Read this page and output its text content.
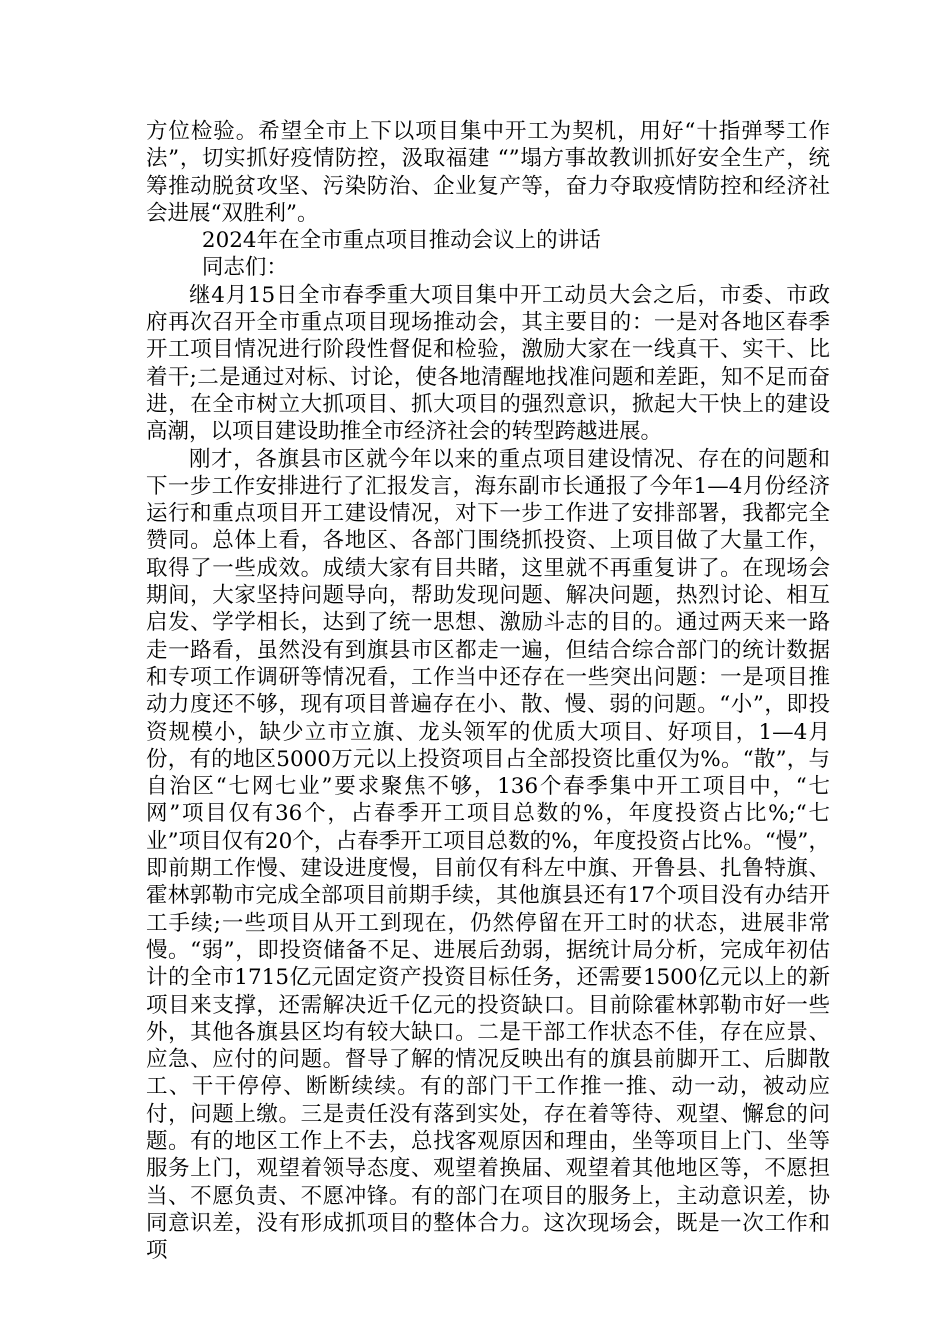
方位检验。希望全市上下以项目集中开工为契机，用好“十指弹琴工作法”，切实抓好疫情防控，汲取福建 “”塌方事故教训抓好安全生产，统筹推动脱贫攻坚、污染防治、企业复产等，奋力夺取疫情防控和经济社会进展“双胜利”。

2024年在全市重点项目推动会议上的讲话

同志们：

继4月15日全市春季重大项目集中开工动员大会之后，市委、市政府再次召开全市重点项目现场推动会，其主要目的：一是对各地区春季开工项目情况进行阶段性督促和检验，激励大家在一线真干、实干、比着干;二是通过对标、讨论，使各地清醒地找准问题和差距，知不足而奋进，在全市树立大抓项目、抓大项目的强烈意识，掀起大干快上的建设高潮，以项目建设助推全市经济社会的转型跨越进展。

刚才，各旗县市区就今年以来的重点项目建设情况、存在的问题和下一步工作安排进行了汇报发言，海东副市长通报了今年1—4月份经济运行和重点项目开工建设情况，对下一步工作进了安排部署，我都完全赞同。总体上看，各地区、各部门围绕抓投资、上项目做了大量工作，取得了一些成效。成绩大家有目共睹，这里就不再重复讲了。在现场会期间，大家坚持问题导向，帮助发现问题、解决问题，热烈讨论、相互启发、学学相长，达到了统一思想、激励斗志的目的。通过两天来一路走一路看，虽然没有到旗县市区都走一遍，但结合综合部门的统计数据和专项工作调研等情况看，工作当中还存在一些突出问题：一是项目推动力度还不够，现有项目普遍存在小、散、慢、弱的问题。“小”，即投资规模小，缺少立市立旗、龙头领军的优质大项目、好项目，1—4月份，有的地区5000万元以上投资项目占全部投资比重仅为%。“散”，与自治区“七网七业”要求聚焦不够，136个春季集中开工项目中，“七网”项目仅有36个，占春季开工项目总数的%，年度投资占比%;“七业”项目仅有20个，占春季开工项目总数的%，年度投资占比%。“慢”，即前期工作慢、建设进度慢，目前仅有科左中旗、开鲁县、扎鲁特旗、霍林郭勒市完成全部项目前期手续，其他旗县还有17个项目没有办结开工手续;一些项目从开工到现在，仍然停留在开工时的状态，进展非常慢。“弱”，即投资储备不足、进展后劲弱，据统计局分析，完成年初估计的全市1715亿元固定资产投资目标任务，还需要1500亿元以上的新项目来支撑，还需解决近千亿元的投资缺口。目前除霍林郭勒市好一些外，其他各旗县区均有较大缺口。二是干部工作状态不佳，存在应景、应急、应付的问题。督导了解的情况反映出有的旗县前脚开工、后脚散工、干干停停、断断续续。有的部门干工作推一推、动一动，被动应付，问题上缴。三是责任没有落到实处，存在着等待、观望、懈怠的问题。有的地区工作上不去，总找客观原因和理由，坐等项目上门、坐等服务上门，观望着领导态度、观望着换届、观望着其他地区等，不愿担当、不愿负责、不愿冲锋。有的部门在项目的服务上，主动意识差，协同意识差，没有形成抓项目的整体合力。这次现场会，既是一次工作和项
